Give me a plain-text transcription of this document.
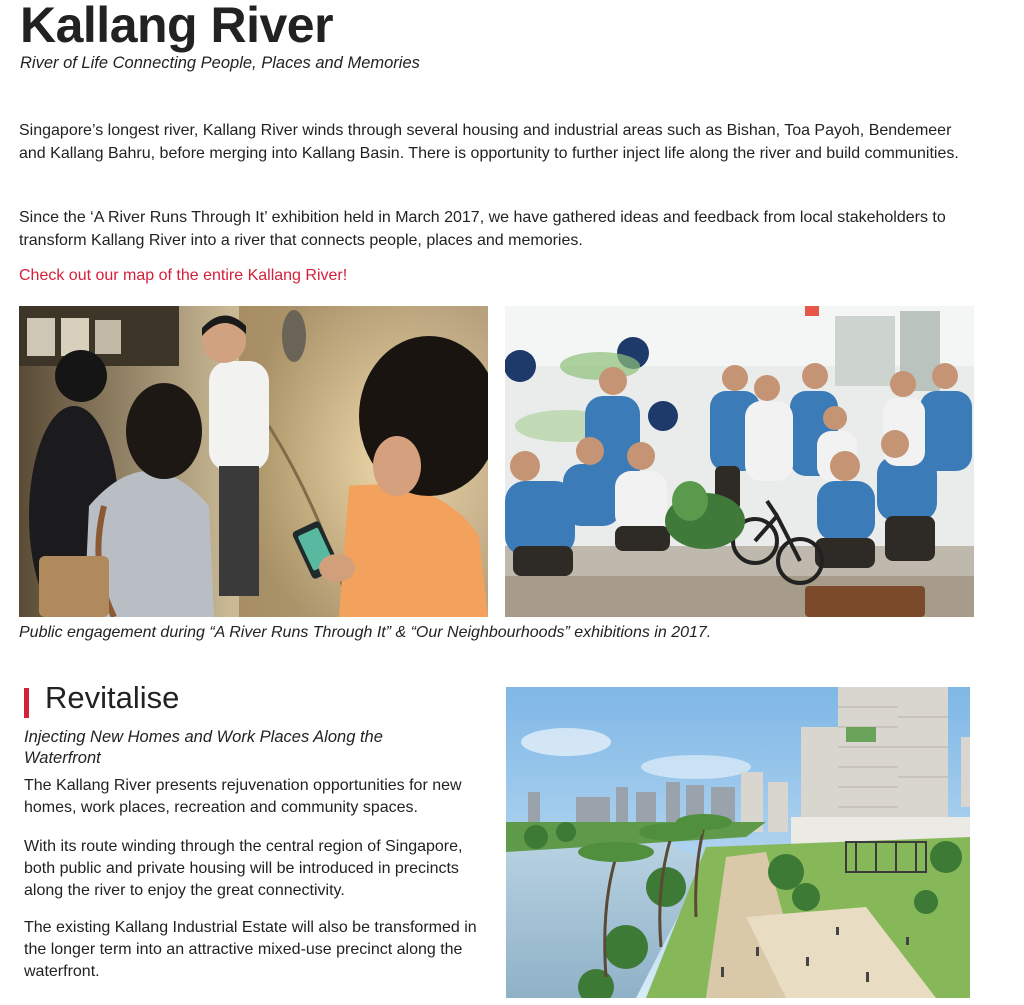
Kallang River

River of Life Connecting People, Places and Memories

Singapore’s longest river, Kallang River winds through several housing and industrial areas such as Bishan, Toa Payoh, Bendemeer and Kallang Bahru, before merging into Kallang Basin. There is opportunity to further inject life along the river and build communities.

Since the ‘A River Runs Through It’ exhibition held in March 2017, we have gathered ideas and feedback from local stakeholders to transform Kallang River into a river that connects people, places and memories.

Check out our map of the entire Kallang River!

Public engagement during “A River Runs Through It” & “Our Neighbourhoods” exhibitions in 2017.

Revitalise

Injecting New Homes and Work Places Along the Waterfront

The Kallang River presents rejuvenation opportunities for new homes, work places, recreation and community spaces.

With its route winding through the central region of Singapore, both public and private housing will be introduced in precincts along the river to enjoy the great connectivity.

The existing Kallang Industrial Estate will also be transformed in the longer term into an attractive mixed-use precinct along the waterfront.
